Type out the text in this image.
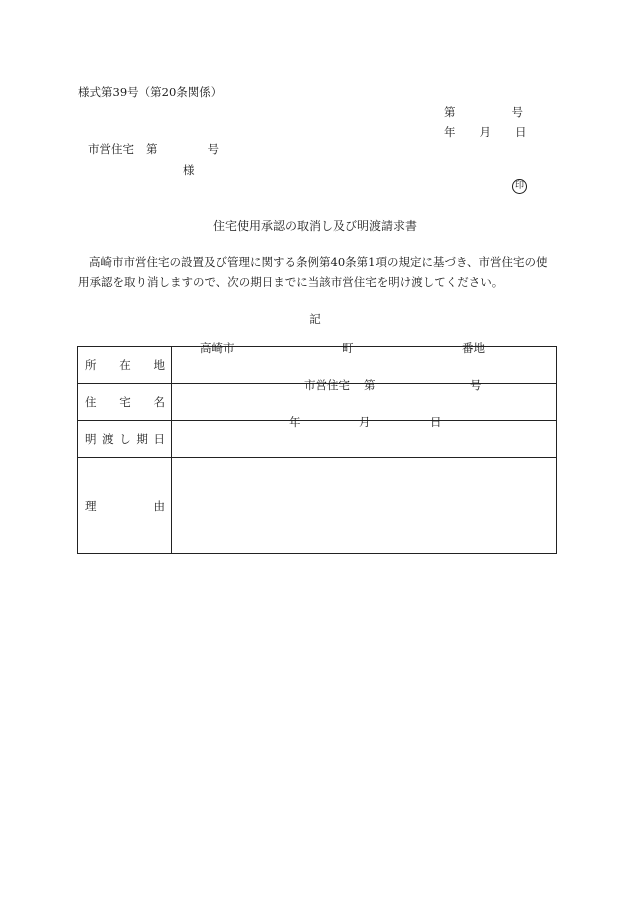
様式第39号（第20条関係）
第	号
年 月 日
市営住宅 第	号
様
印
住宅使用承認の取消し及び明渡請求書
高崎市市営住宅の設置及び管理に関する条例第40条第1項の規定に基づき、市営住宅の使用承認を取り消しますので、次の期日までに当該市営住宅を明け渡してください。
記
所 在 地	高崎市 町 番地

住 宅 名	市営住宅 第 号

明 渡 し 期 日	年 月 日

理 由	
